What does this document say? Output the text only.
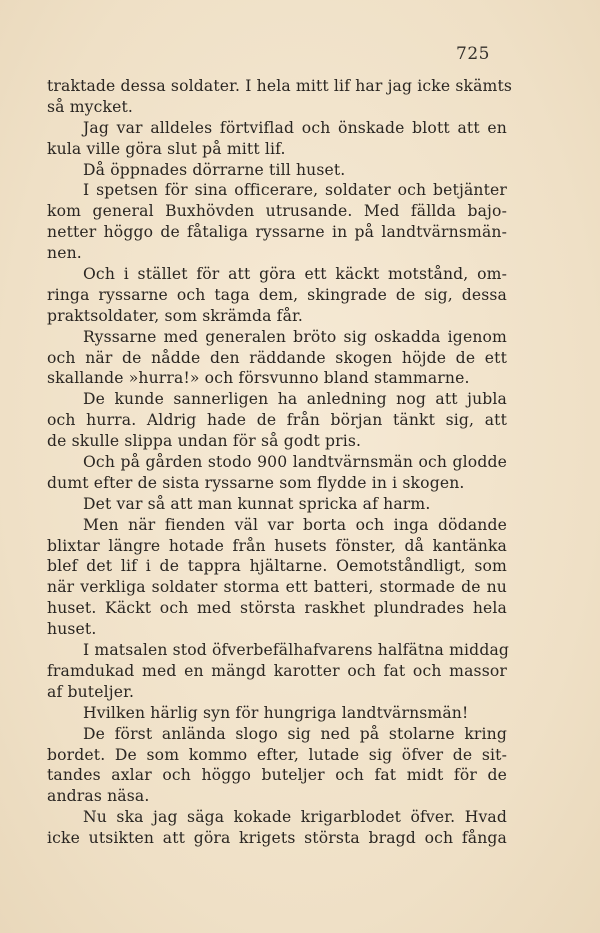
725
traktade dessa soldater. I hela mitt lif har jag icke skämts
så mycket.
Jag var alldeles förtviflad och önskade blott att en
kula ville göra slut på mitt lif.
Då öppnades dörrarne till huset.
I spetsen för sina officerare, soldater och betjänter
kom general Buxhövden utrusande. Med fällda bajo-
netter höggo de fåtaliga ryssarne in på landtvärnsmän-
nen.
Och i stället för att göra ett käckt motstånd, om-
ringa ryssarne och taga dem, skingrade de sig, dessa
praktsoldater, som skrämda får.
Ryssarne med generalen bröto sig oskadda igenom
och när de nådde den räddande skogen höjde de ett
skallande »hurra!» och försvunno bland stammarne.
De kunde sannerligen ha anledning nog att jubla
och hurra. Aldrig hade de från början tänkt sig, att
de skulle slippa undan för så godt pris.
Och på gården stodo 900 landtvärnsmän och glodde
dumt efter de sista ryssarne som flydde in i skogen.
Det var så att man kunnat spricka af harm.
Men när fienden väl var borta och inga dödande
blixtar längre hotade från husets fönster, då kantänka
blef det lif i de tappra hjältarne. Oemotståndligt, som
när verkliga soldater storma ett batteri, stormade de nu
huset. Käckt och med största raskhet plundrades hela
huset.
I matsalen stod öfverbefälhafvarens halfätna middag
framdukad med en mängd karotter och fat och massor
af buteljer.
Hvilken härlig syn för hungriga landtvärnsmän!
De först anlända slogo sig ned på stolarne kring
bordet. De som kommo efter, lutade sig öfver de sit-
tandes axlar och höggo buteljer och fat midt för de
andras näsa.
Nu ska jag säga kokade krigarblodet öfver. Hvad
icke utsikten att göra krigets största bragd och fånga
